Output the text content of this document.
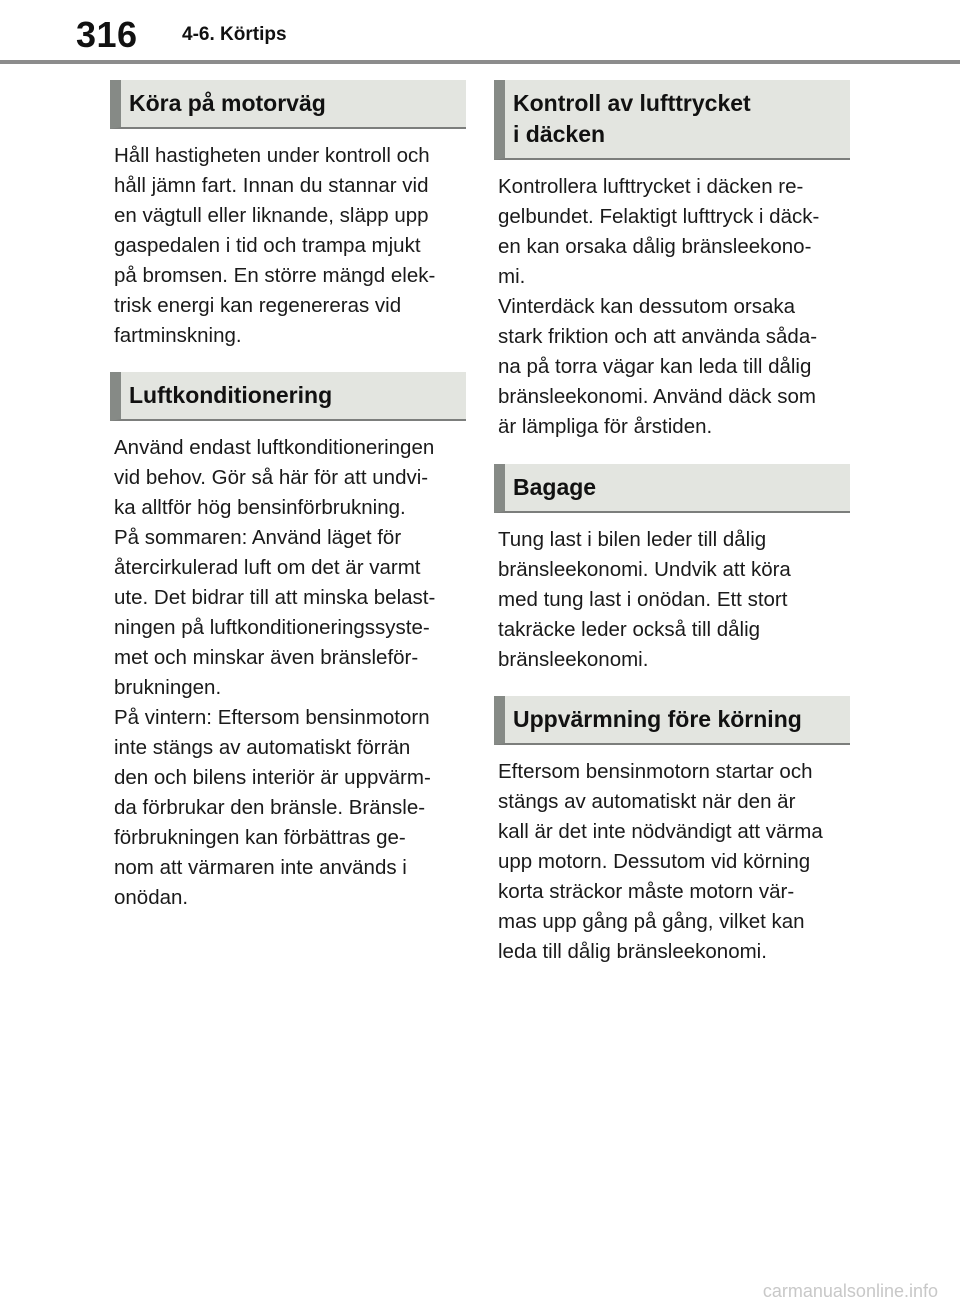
316 4-6. Körtips
Köra på motorväg

Håll hastigheten under kontroll och

håll jämn fart. Innan du stannar vid

en vägtull eller liknande, släpp upp

gaspedalen i tid och trampa mjukt

på bromsen. En större mängd elek-

trisk energi kan regenereras vid

fartminskning.

Luftkonditionering

Använd endast luftkonditioneringen

vid behov. Gör så här för att undvi-

ka alltför hög bensinförbrukning.

På sommaren: Använd läget för

återcirkulerad luft om det är varmt

ute. Det bidrar till att minska belast-

ningen på luftkonditioneringssyste-

met och minskar även bränsleför-

brukningen.

På vintern: Eftersom bensinmotorn

inte stängs av automatiskt förrän

den och bilens interiör är uppvärm-

da förbrukar den bränsle. Bränsle-

förbrukningen kan förbättras ge-

nom att värmaren inte används i

onödan.

Kontroll av lufttrycket
i däcken

Kontrollera lufttrycket i däcken re-

gelbundet. Felaktigt lufttryck i däck-

en kan orsaka dålig bränsleekono-

mi.

Vinterdäck kan dessutom orsaka

stark friktion och att använda såda-

na på torra vägar kan leda till dålig

bränsleekonomi. Använd däck som

är lämpliga för årstiden.

Bagage

Tung last i bilen leder till dålig

bränsleekonomi. Undvik att köra

med tung last i onödan. Ett stort

takräcke leder också till dålig

bränsleekonomi.

Uppvärmning före körning

Eftersom bensinmotorn startar och

stängs av automatiskt när den är

kall är det inte nödvändigt att värma

upp motorn. Dessutom vid körning

korta sträckor måste motorn vär-

mas upp gång på gång, vilket kan

leda till dålig bränsleekonomi.

carmanualsonline.info
